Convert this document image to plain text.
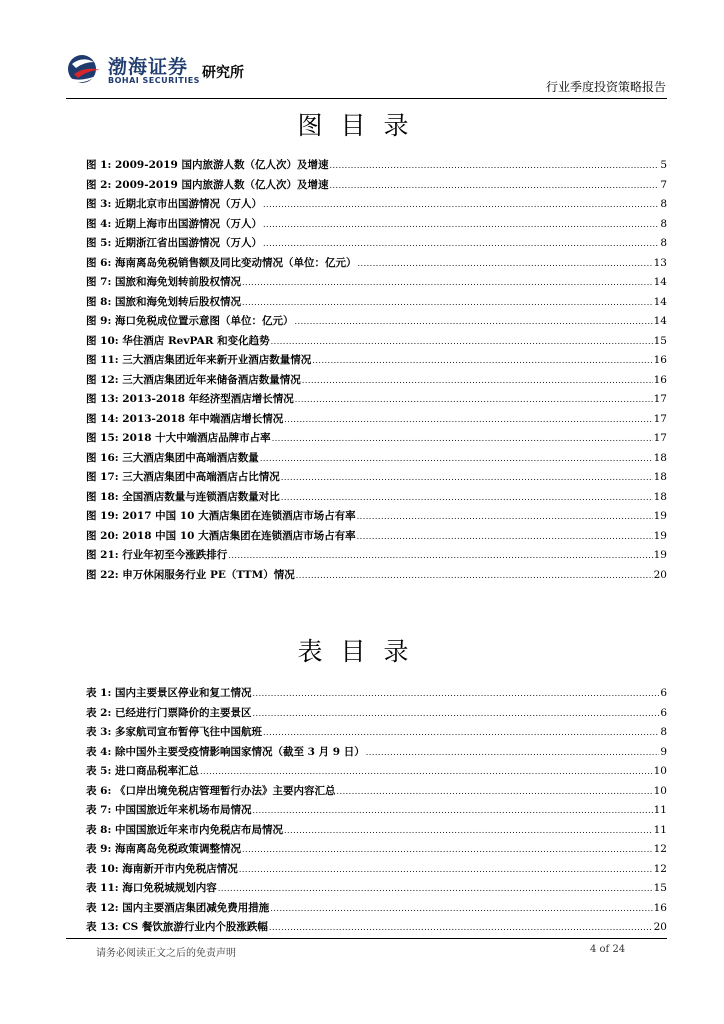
渤海证券
BOHAI SECURITIES 研究所
行业季度投资策略报告
图目录
图 1: 2009-2019 国内旅游人数（亿人次）及增速 .....	5
图 2: 2009-2019 国内旅游人数（亿人次）及增速 .....	7
图 3: 近期北京市出国游情况（万人） .....	8
图 4: 近期上海市出国游情况（万人） .....	8
图 5: 近期浙江省出国游情况（万人） .....	8
图 6: 海南离岛免税销售额及同比变动情况（单位：亿元） .....	13
图 7: 国旅和海免划转前股权情况 .....	14
图 8: 国旅和海免划转后股权情况 .....	14
图 9: 海口免税成位置示意图（单位：亿元） .....	14
图 10: 华住酒店 RevPAR 和变化趋势 .....	15
图 11: 三大酒店集团近年来新开业酒店数量情况 .....	16
图 12: 三大酒店集团近年来储备酒店数量情况 .....	16
图 13: 2013-2018 年经济型酒店增长情况 .....	17
图 14: 2013-2018 年中端酒店增长情况 .....	17
图 15: 2018 十大中端酒店品牌市占率 .....	17
图 16: 三大酒店集团中高端酒店数量 .....	18
图 17: 三大酒店集团中高端酒店占比情况 .....	18
图 18: 全国酒店数量与连锁酒店数量对比 .....	18
图 19: 2017 中国 10 大酒店集团在连锁酒店市场占有率 .....	19
图 20: 2018 中国 10 大酒店集团在连锁酒店市场占有率 .....	19
图 21: 行业年初至今涨跌排行 .....	19
图 22: 申万休闲服务行业 PE（TTM）情况 .....	20
表目录
表 1: 国内主要景区停业和复工情况 .....	6
表 2: 已经进行门票降价的主要景区 .....	6
表 3: 多家航司宣布暂停飞往中国航班 .....	8
表 4: 除中国外主要受疫情影响国家情况（截至 3 月 9 日） .....	9
表 5: 进口商品税率汇总 .....	10
表 6: 《口岸出境免税店管理暂行办法》主要内容汇总 .....	10
表 7: 中国国旅近年来机场布局情况 .....	11
表 8: 中国国旅近年来市内免税店布局情况 .....	11
表 9: 海南离岛免税政策调整情况 .....	12
表 10: 海南新开市内免税店情况 .....	12
表 11: 海口免税城规划内容 .....	15
表 12: 国内主要酒店集团减免费用措施 .....	16
表 13: CS 餐饮旅游行业内个股涨跌幅 .....	20
请务必阅读正文之后的免责声明	4 of 24
